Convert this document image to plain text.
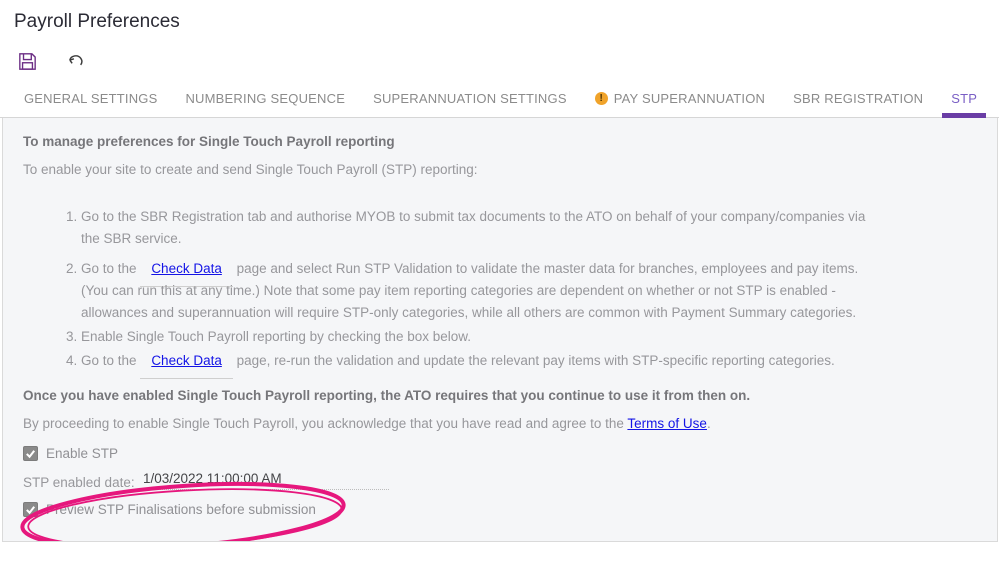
Payroll Preferences
GENERAL SETTINGS NUMBERING SEQUENCE SUPERANNUATION SETTINGS	! PAY SUPERANNUATION SBR REGISTRATION STP
To manage preferences for Single Touch Payroll reporting
To enable your site to create and send Single Touch Payroll (STP) reporting:
1. Go to the SBR Registration tab and authorise MYOB to submit tax documents to the ATO on behalf of your company/companies via the SBR service.
2. Go to the Check Data page and select Run STP Validation to validate the master data for branches, employees and pay items. (You can run this at any time.) Note that some pay item reporting categories are dependent on whether or not STP is enabled - allowances and superannuation will require STP-only categories, while all others are common with Payment Summary categories.
3. Enable Single Touch Payroll reporting by checking the box below.
4. Go to the Check Data page, re-run the validation and update the relevant pay items with STP-specific reporting categories.
Once you have enabled Single Touch Payroll reporting, the ATO requires that you continue to use it from then on.
By proceeding to enable Single Touch Payroll, you acknowledge that you have read and agree to the Terms of Use.
Enable STP
STP enabled date: 1/03/2022 11:00:00 AM
Preview STP Finalisations before submission
